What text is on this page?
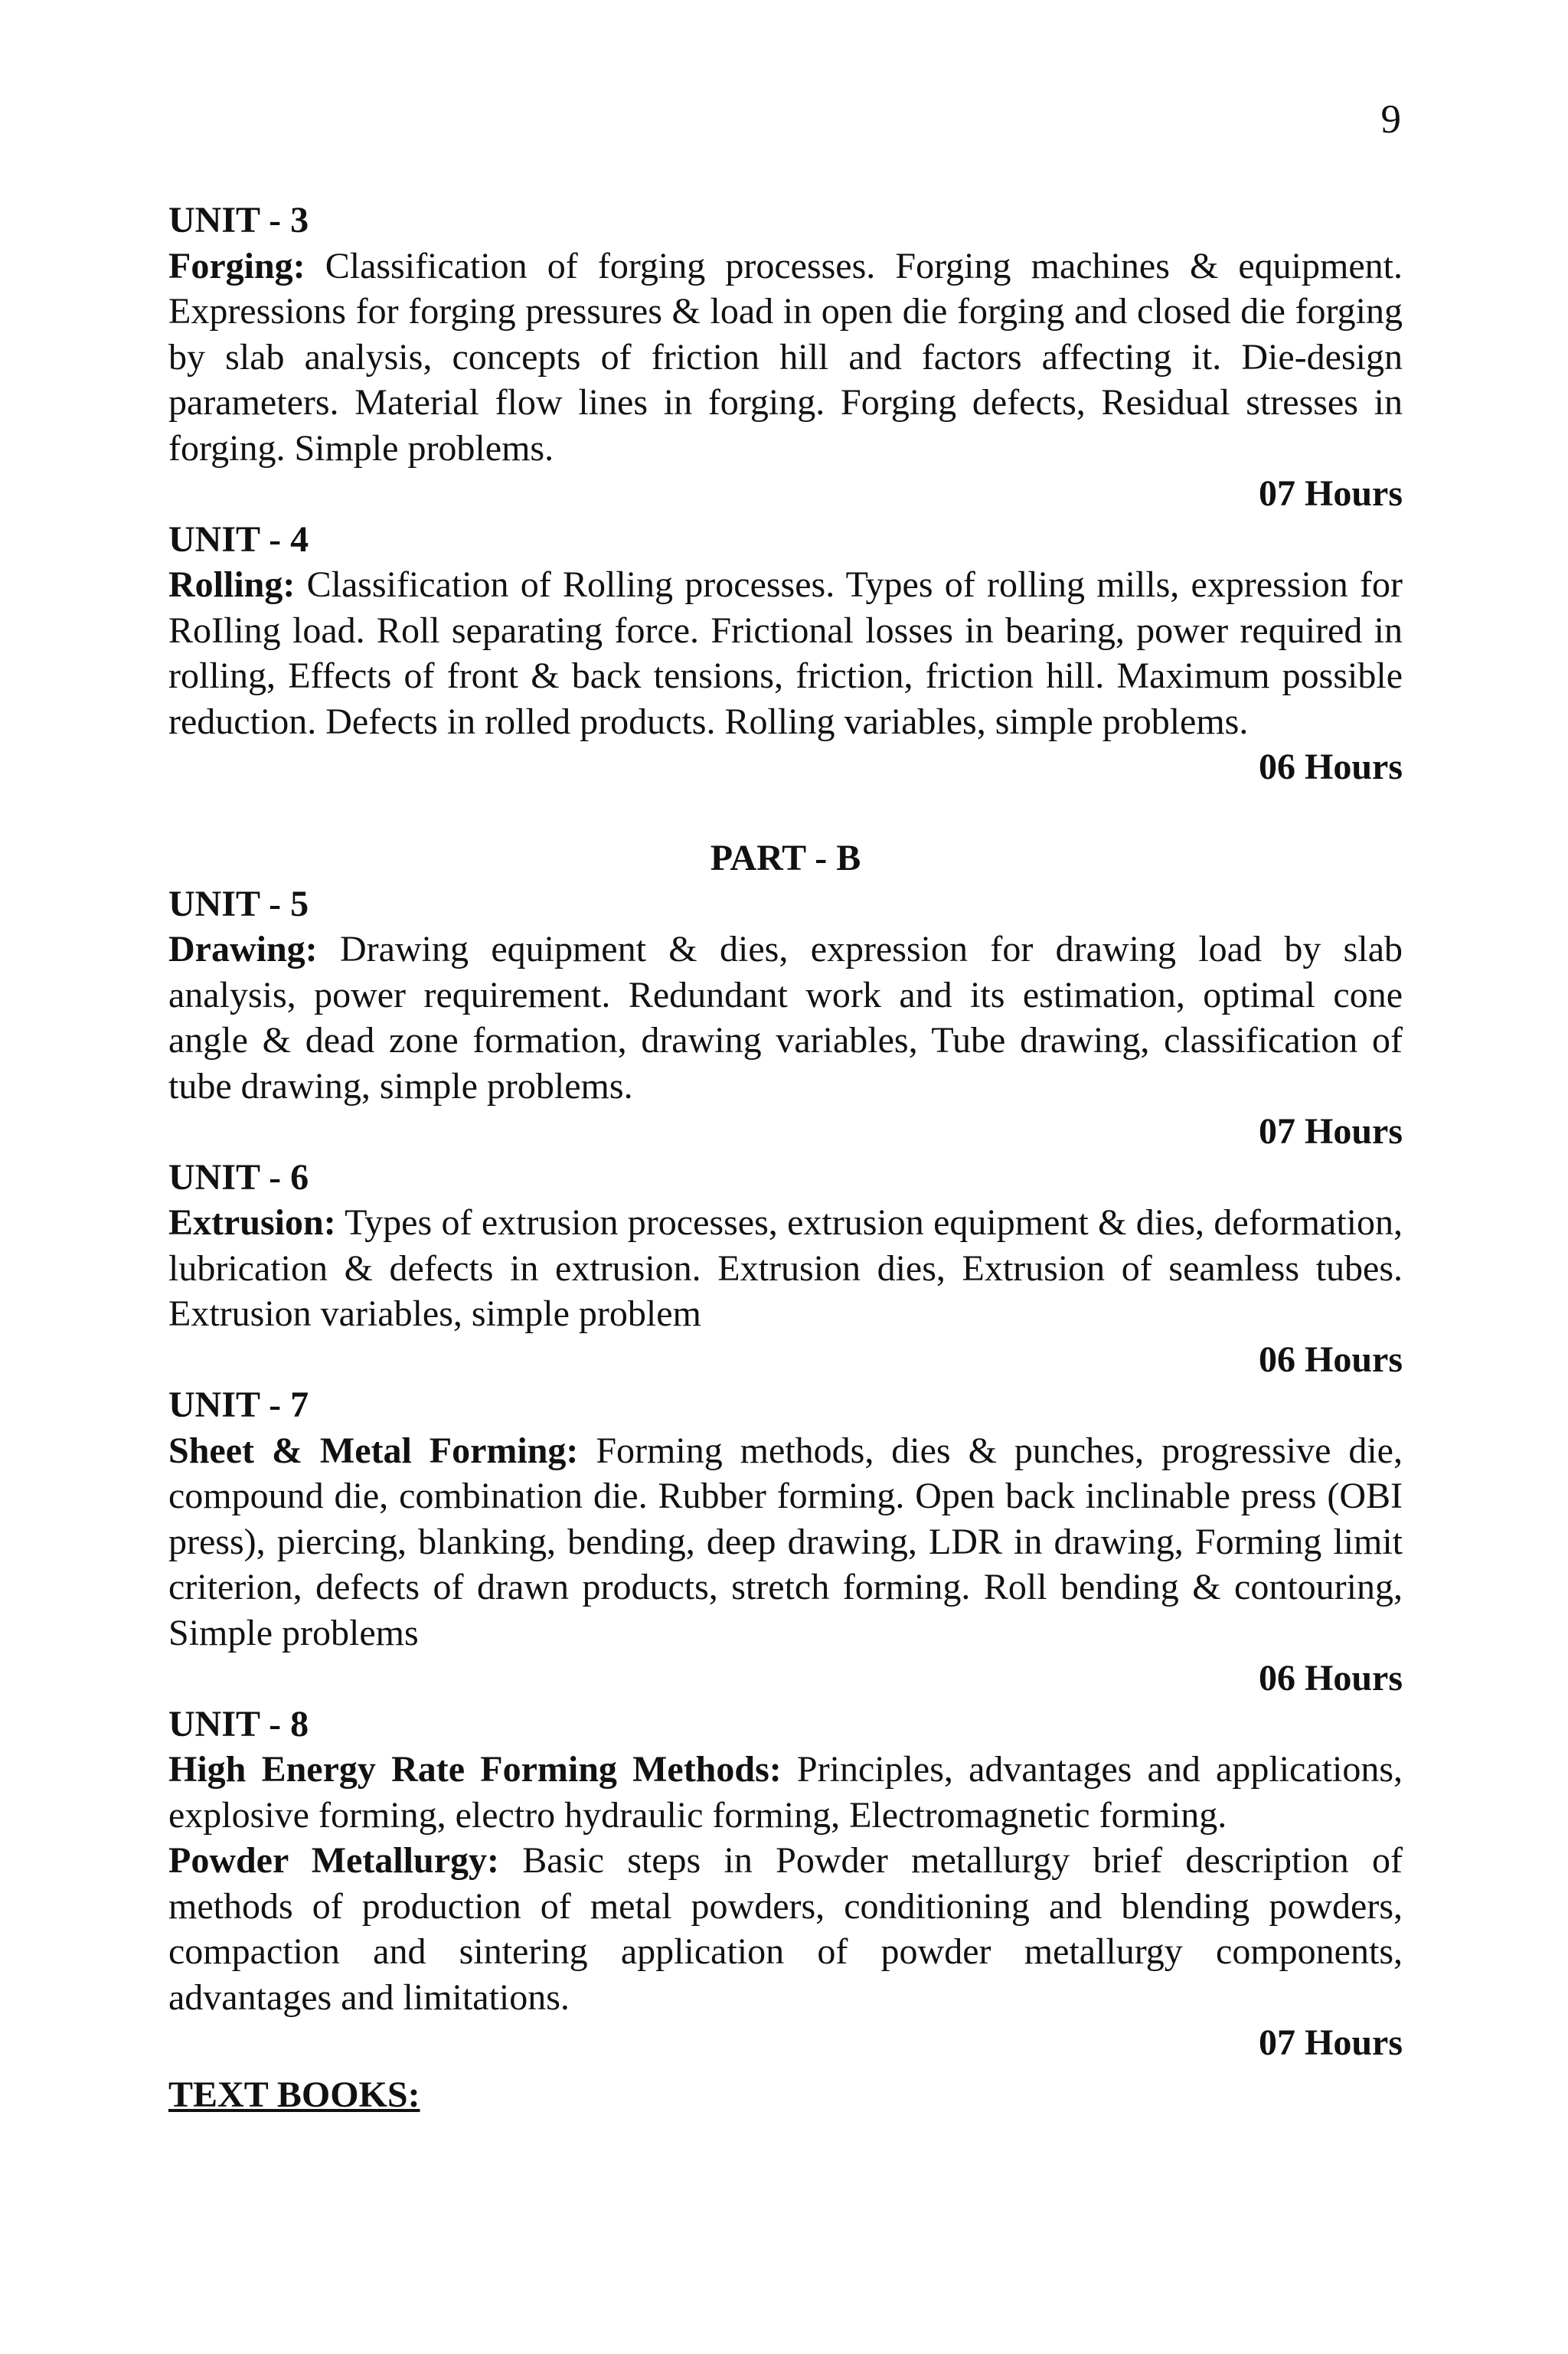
9

UNIT - 3

Forging: Classification of forging processes. Forging machines & equipment. Expressions for forging pressures & load in open die forging and closed die forging by slab analysis, concepts of friction hill and factors affecting it. Die-design parameters. Material flow lines in forging. Forging defects, Residual stresses in forging. Simple problems.

07 Hours

UNIT - 4

Rolling: Classification of Rolling processes. Types of rolling mills, expression for RoIling load. Roll separating force. Frictional losses in bearing, power required in rolling, Effects of front & back tensions, friction, friction hill. Maximum possible reduction. Defects in rolled products. Rolling variables, simple problems.

06 Hours

PART - B

UNIT - 5

Drawing: Drawing equipment & dies, expression for drawing load by slab analysis, power requirement. Redundant work and its estimation, optimal cone angle & dead zone formation, drawing variables, Tube drawing, classification of tube drawing, simple problems.

07 Hours

UNIT - 6

Extrusion: Types of extrusion processes, extrusion equipment & dies, deformation, lubrication & defects in extrusion. Extrusion dies, Extrusion of seamless tubes. Extrusion variables, simple problem

06 Hours

UNIT - 7

Sheet & Metal Forming: Forming methods, dies & punches, progressive die, compound die, combination die. Rubber forming. Open back inclinable press (OBI press), piercing, blanking, bending, deep drawing, LDR in drawing, Forming limit criterion, defects of drawn products, stretch forming. Roll bending & contouring, Simple problems

06 Hours

UNIT - 8

High Energy Rate Forming Methods: Principles, advantages and applications, explosive forming, electro hydraulic forming, Electromagnetic forming.

Powder Metallurgy: Basic steps in Powder metallurgy brief description of methods of production of metal powders, conditioning and blending powders, compaction and sintering application of powder metallurgy components, advantages and limitations.

07 Hours

TEXT BOOKS:
